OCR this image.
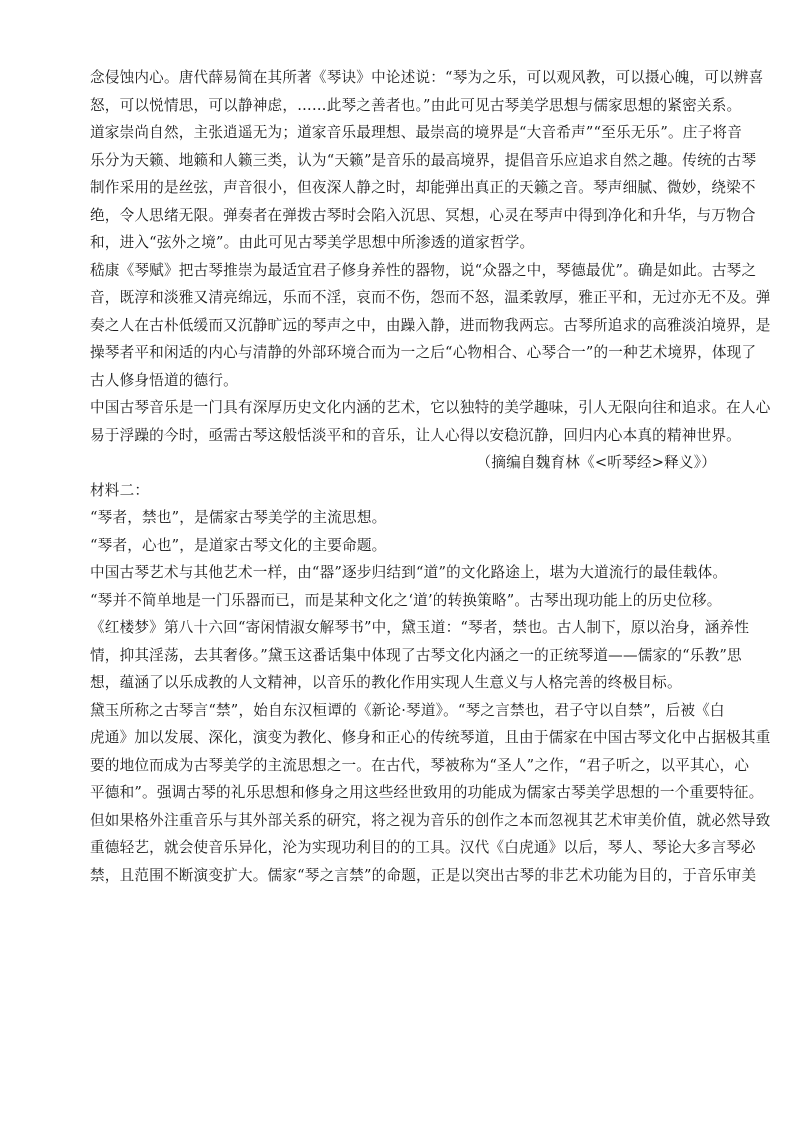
念侵蚀内心。唐代薛易简在其所著《琴诀》中论述说：“琴为之乐，可以观风教，可以摄心魄，可以辨喜
怒，可以悦情思，可以静神虑，……此琴之善者也。”由此可见古琴美学思想与儒家思想的紧密关系。
道家崇尚自然，主张逍遥无为；道家音乐最理想、最崇高的境界是“大音希声”“至乐无乐”。庄子将音
乐分为天籁、地籁和人籁三类，认为“天籁”是音乐的最高境界，提倡音乐应追求自然之趣。传统的古琴
制作采用的是丝弦，声音很小，但夜深人静之时，却能弹出真正的天籁之音。琴声细腻、微妙，绕梁不
绝，令人思绪无限。弹奏者在弹拨古琴时会陷入沉思、冥想，心灵在琴声中得到净化和升华，与万物合
和，进入“弦外之境”。由此可见古琴美学思想中所渗透的道家哲学。
嵇康《琴赋》把古琴推崇为最适宜君子修身养性的器物，说“众器之中，琴德最优”。确是如此。古琴之
音，既淳和淡雅又清亮绵远，乐而不淫，哀而不伤，怨而不怒，温柔敦厚，雅正平和，无过亦无不及。弹
奏之人在古朴低缓而又沉静旷远的琴声之中，由躁入静，进而物我两忘。古琴所追求的高雅淡泊境界，是
操琴者平和闲适的内心与清静的外部环境合而为一之后“心物相合、心琴合一”的一种艺术境界，体现了
古人修身悟道的德行。
中国古琴音乐是一门具有深厚历史文化内涵的艺术，它以独特的美学趣味，引人无限向往和追求。在人心
易于浮躁的今时，亟需古琴这般恬淡平和的音乐，让人心得以安稳沉静，回归内心本真的精神世界。
（摘编自魏育林《<听琴经>释义》）
材料二：
“琴者，禁也”，是儒家古琴美学的主流思想。
“琴者，心也”，是道家古琴文化的主要命题。
中国古琴艺术与其他艺术一样，由“器”逐步归结到“道”的文化路途上，堪为大道流行的最佳载体。
“琴并不简单地是一门乐器而已，而是某种文化之‘道’的转换策略”。古琴出现功能上的历史位移。
《红楼梦》第八十六回“寄闲情淑女解琴书”中，黛玉道：“琴者，禁也。古人制下，原以治身，涵养性
情，抑其淫荡，去其奢侈。”黛玉这番话集中体现了古琴文化内涵之一的正统琴道——儒家的“乐教”思
想，蕴涵了以乐成教的人文精神，以音乐的教化作用实现人生意义与人格完善的终极目标。
黛玉所称之古琴言“禁”，始自东汉桓谭的《新论·琴道》。“琴之言禁也，君子守以自禁”，后被《白
虎通》加以发展、深化，演变为教化、修身和正心的传统琴道，且由于儒家在中国古琴文化中占据极其重
要的地位而成为古琴美学的主流思想之一。在古代，琴被称为“圣人”之作，“君子听之，以平其心，心
平德和”。强调古琴的礼乐思想和修身之用这些经世致用的功能成为儒家古琴美学思想的一个重要特征。
但如果格外注重音乐与其外部关系的研究，将之视为音乐的创作之本而忽视其艺术审美价值，就必然导致
重德轻艺，就会使音乐异化，沦为实现功利目的的工具。汉代《白虎通》以后，琴人、琴论大多言琴必
禁，且范围不断演变扩大。儒家“琴之言禁”的命题，正是以突出古琴的非艺术功能为目的，于音乐审美
